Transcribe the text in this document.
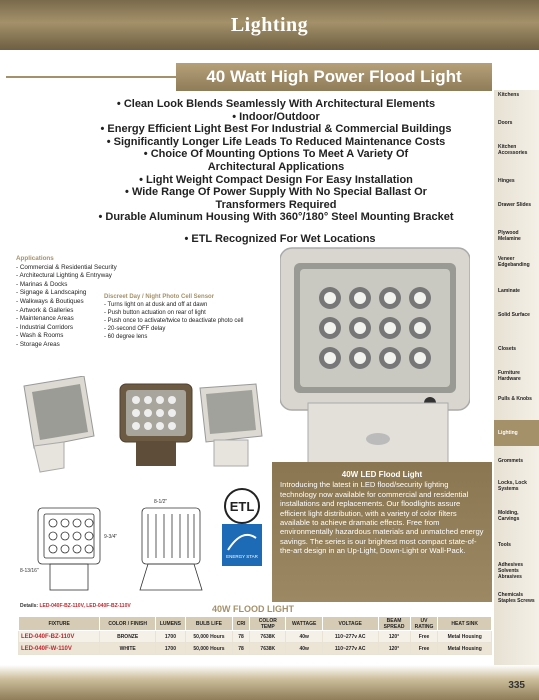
Lighting
40 Watt High Power Flood Light
• Clean Look Blends Seamlessly With Architectural Elements
• Indoor/Outdoor
• Energy Efficient Light Best For Industrial & Commercial Buildings
• Significantly Longer Life Leads To Reduced Maintenance Costs
• Choice Of Mounting Options To Meet A Variety Of
Architectural Applications
• Light Weight Compact Design For Easy Installation
• Wide Range Of Power Supply With No Special Ballast Or
Transformers Required
• Durable Aluminum Housing With 360°/180° Steel Mounting Bracket
• ETL Recognized For Wet Locations
Kitchens
Doors
Kitchen Accessories
Hinges
Drawer Slides
Plywood Melamine
Veneer Edgebanding
Laminate
Solid Surface
Closets
Furniture Hardware
Pulls & Knobs
Lighting
Grommets
Locks, Lock Systems
Molding, Carvings
Tools
Adhesives Solvents Abrasives
Chemicals Staples Screws
Applications
- Commercial & Residential Security
- Architectural Lighting & Entryway
- Marinas & Docks
- Signage & Landscaping
- Walkways & Boutiques
- Artwork & Galleries
- Maintenance Areas
- Industrial Corridors
- Wash & Rooms
- Storage Areas
Discreet Day / Night Photo Cell Sensor
- Turns light on at dusk and off at dawn
- Push button actuation on rear of light
- Push once to activate/twice to deactivate photo cell
- 20-second OFF delay
- 60 degree lens
8-1/2"
9-3/4"
8-13/16"
ETL
ENERGY STAR
40W LED Flood Light
Introducing the latest in LED flood/security lighting technology now available for commercial and residential installations and replacements. Our floodlights assure efficient light distribution, with a variety of color filters available to achieve dramatic effects. Free from environmentally hazardous materials and unmatched energy savings. The series is our brightest most compact state-of-the-art design in an Up-Light, Down-Light or Wall-Pack.
Details: LED-040F-BZ-110V, LED-040F-BZ-110V	40W FLOOD LIGHT
FIXTURE	COLOR / FINISH	LUMENS	BULB LIFE	CRI	COLOR TEMP	WATTAGE	VOLTAGE	BEAM SPREAD	UV RATING	HEAT SINK
LED-040F-BZ-110V	BRONZE	1700	50,000 Hours	78	7638K	40w	110~277v AC	120°	Free	Metal Housing
LED-040F-W-110V	WHITE	1700	50,000 Hours	78	7638K	40w	110~277v AC	120°	Free	Metal Housing
335
